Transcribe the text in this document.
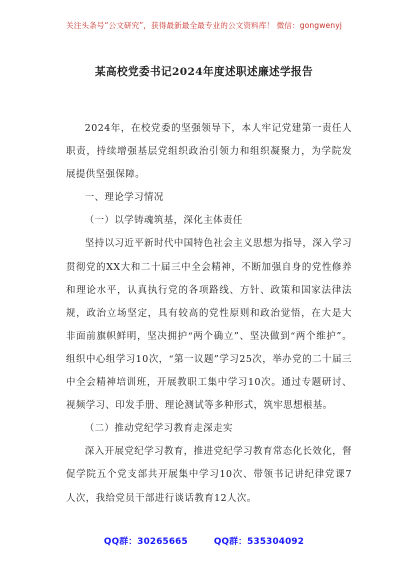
关注头条号“公文研究”，获得最新最全最专业的公文资料库！ 微信：gongwenyj
某高校党委书记2024年度述职述廉述学报告

2024年，在校党委的坚强领导下，本人牢记党建第一责任人职责，持续增强基层党组织政治引领力和组织凝聚力，为学院发展提供坚强保障。

一、理论学习情况

（一）以学铸魂筑基，深化主体责任

坚持以习近平新时代中国特色社会主义思想为指导，深入学习贯彻党的XX大和二十届三中全会精神，不断加强自身的党性修养和理论水平，认真执行党的各项路线、方针、政策和国家法律法规，政治立场坚定，具有较高的党性原则和政治觉悟，在大是大非面前旗帜鲜明，坚决拥护“两个确立”、坚决做到“两个维护”。组织中心组学习10次，“第一议题”学习25次，举办党的二十届三中全会精神培训班，开展教职工集中学习10次。通过专题研讨、视频学习、印发手册、理论测试等多种形式，筑牢思想根基。

（二）推动党纪学习教育走深走实

深入开展党纪学习教育，推进党纪学习教育常态化长效化，督促学院五个党支部共开展集中学习10次、带领书记讲纪律党课7人次，我给党员干部进行谈话教育12人次。

QQ群：30265665	QQ群：535304092
